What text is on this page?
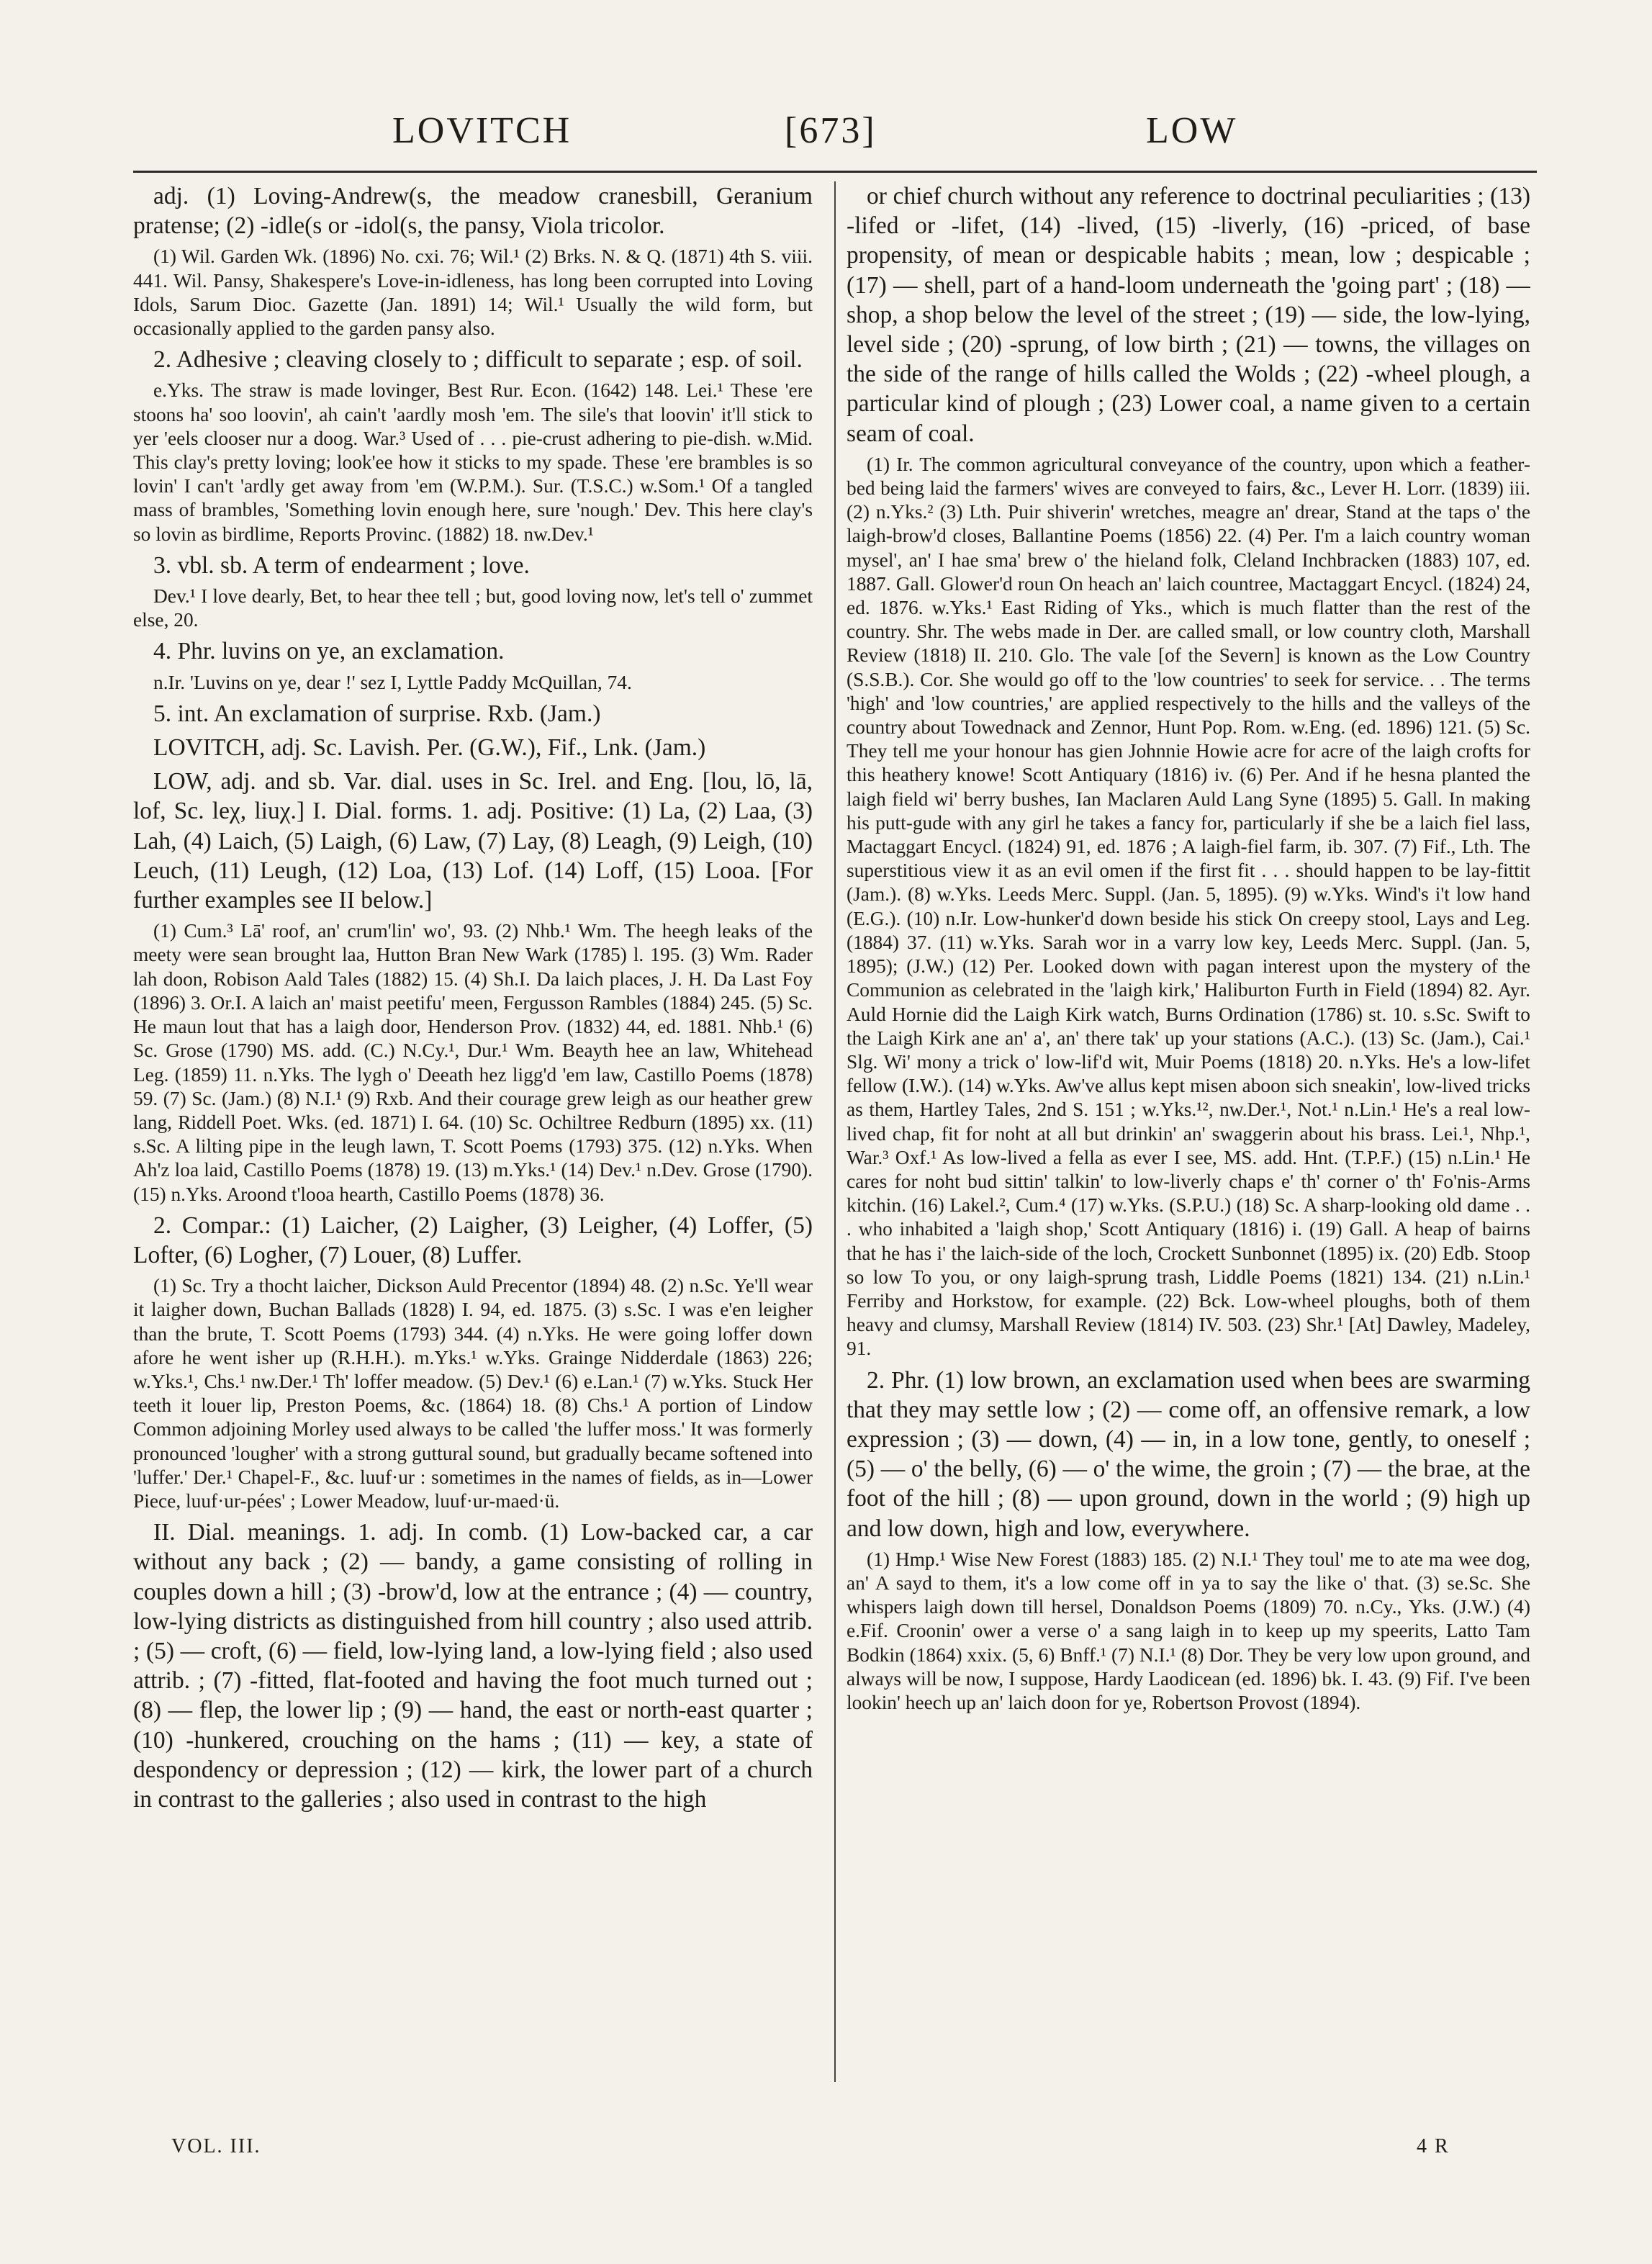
LOVITCH	[673]	LOW

adj. (1) Loving-Andrew(s, the meadow cranesbill, Geranium pratense; (2) -idle(s or -idol(s, the pansy, Viola tricolor.

(1) Wil. Garden Wk. (1896) No. cxi. 76; Wil.¹ (2) Brks. N. & Q. (1871) 4th S. viii. 441. Wil. Pansy, Shakespere's Love-in-idleness, has long been corrupted into Loving Idols, Sarum Dioc. Gazette (Jan. 1891) 14; Wil.¹ Usually the wild form, but occasionally applied to the garden pansy also.

2. Adhesive ; cleaving closely to ; difficult to separate ; esp. of soil.

e.Yks. The straw is made lovinger, Best Rur. Econ. (1642) 148. Lei.¹ These 'ere stoons ha' soo loovin', ah cain't 'aardly mosh 'em. The sile's that loovin' it'll stick to yer 'eels clooser nur a doog. War.³ Used of . . . pie-crust adhering to pie-dish. w.Mid. This clay's pretty loving; look'ee how it sticks to my spade. These 'ere brambles is so lovin' I can't 'ardly get away from 'em (W.P.M.). Sur. (T.S.C.) w.Som.¹ Of a tangled mass of brambles, 'Something lovin enough here, sure 'nough.' Dev. This here clay's so lovin as birdlime, Reports Provinc. (1882) 18. nw.Dev.¹

3. vbl. sb. A term of endearment ; love.

Dev.¹ I love dearly, Bet, to hear thee tell ; but, good loving now, let's tell o' zummet else, 20.

4. Phr. luvins on ye, an exclamation.

n.Ir. 'Luvins on ye, dear !' sez I, Lyttle Paddy McQuillan, 74.

5. int. An exclamation of surprise. Rxb. (Jam.)

LOVITCH, adj. Sc. Lavish. Per. (G.W.), Fif., Lnk. (Jam.)

LOW, adj. and sb. Var. dial. uses in Sc. Irel. and Eng. [lou, lō, lā, lof, Sc. leχ, liuχ.] I. Dial. forms. 1. adj. Positive: (1) La, (2) Laa, (3) Lah, (4) Laich, (5) Laigh, (6) Law, (7) Lay, (8) Leagh, (9) Leigh, (10) Leuch, (11) Leugh, (12) Loa, (13) Lof. (14) Loff, (15) Looa. [For further examples see II below.]

(1) Cum.³ Lā' roof, an' crum'lin' wo', 93. (2) Nhb.¹ Wm. The heegh leaks of the meety were sean brought laa, Hutton Bran New Wark (1785) l. 195. (3) Wm. Rader lah doon, Robison Aald Tales (1882) 15. (4) Sh.I. Da laich places, J. H. Da Last Foy (1896) 3. Or.I. A laich an' maist peetifu' meen, Fergusson Rambles (1884) 245. (5) Sc. He maun lout that has a laigh door, Henderson Prov. (1832) 44, ed. 1881. Nhb.¹ (6) Sc. Grose (1790) MS. add. (C.) N.Cy.¹, Dur.¹ Wm. Beayth hee an law, Whitehead Leg. (1859) 11. n.Yks. The lygh o' Deeath hez ligg'd 'em law, Castillo Poems (1878) 59. (7) Sc. (Jam.) (8) N.I.¹ (9) Rxb. And their courage grew leigh as our heather grew lang, Riddell Poet. Wks. (ed. 1871) I. 64. (10) Sc. Ochiltree Redburn (1895) xx. (11) s.Sc. A lilting pipe in the leugh lawn, T. Scott Poems (1793) 375. (12) n.Yks. When Ah'z loa laid, Castillo Poems (1878) 19. (13) m.Yks.¹ (14) Dev.¹ n.Dev. Grose (1790). (15) n.Yks. Aroond t'looa hearth, Castillo Poems (1878) 36.

2. Compar.: (1) Laicher, (2) Laigher, (3) Leigher, (4) Loffer, (5) Lofter, (6) Logher, (7) Louer, (8) Luffer.

(1) Sc. Try a thocht laicher, Dickson Auld Precentor (1894) 48. (2) n.Sc. Ye'll wear it laigher down, Buchan Ballads (1828) I. 94, ed. 1875. (3) s.Sc. I was e'en leigher than the brute, T. Scott Poems (1793) 344. (4) n.Yks. He were going loffer down afore he went isher up (R.H.H.). m.Yks.¹ w.Yks. Grainge Nidderdale (1863) 226; w.Yks.¹, Chs.¹ nw.Der.¹ Th' loffer meadow. (5) Dev.¹ (6) e.Lan.¹ (7) w.Yks. Stuck Her teeth it louer lip, Preston Poems, &c. (1864) 18. (8) Chs.¹ A portion of Lindow Common adjoining Morley used always to be called 'the luffer moss.' It was formerly pronounced 'lougher' with a strong guttural sound, but gradually became softened into 'luffer.' Der.¹ Chapel-F., &c. luuf·ur : sometimes in the names of fields, as in—Lower Piece, luuf·ur-pées' ; Lower Meadow, luuf·ur-maed·ü.

II. Dial. meanings. 1. adj. In comb. (1) Low-backed car, a car without any back ; (2) — bandy, a game consisting of rolling in couples down a hill ; (3) -brow'd, low at the entrance ; (4) — country, low-lying districts as distinguished from hill country ; also used attrib. ; (5) — croft, (6) — field, low-lying land, a low-lying field ; also used attrib. ; (7) -fitted, flat-footed and having the foot much turned out ; (8) — flep, the lower lip ; (9) — hand, the east or north-east quarter ; (10) -hunkered, crouching on the hams ; (11) — key, a state of despondency or depression ; (12) — kirk, the lower part of a church in contrast to the galleries ; also used in contrast to the high

or chief church without any reference to doctrinal peculiarities ; (13) -lifed or -lifet, (14) -lived, (15) -liverly, (16) -priced, of base propensity, of mean or despicable habits ; mean, low ; despicable ; (17) — shell, part of a hand-loom underneath the 'going part' ; (18) — shop, a shop below the level of the street ; (19) — side, the low-lying, level side ; (20) -sprung, of low birth ; (21) — towns, the villages on the side of the range of hills called the Wolds ; (22) -wheel plough, a particular kind of plough ; (23) Lower coal, a name given to a certain seam of coal.

(1) Ir. The common agricultural conveyance of the country, upon which a feather-bed being laid the farmers' wives are conveyed to fairs, &c., Lever H. Lorr. (1839) iii. (2) n.Yks.² (3) Lth. Puir shiverin' wretches, meagre an' drear, Stand at the taps o' the laigh-brow'd closes, Ballantine Poems (1856) 22. (4) Per. I'm a laich country woman mysel', an' I hae sma' brew o' the hieland folk, Cleland Inchbracken (1883) 107, ed. 1887. Gall. Glower'd roun On heach an' laich countree, Mactaggart Encycl. (1824) 24, ed. 1876. w.Yks.¹ East Riding of Yks., which is much flatter than the rest of the country. Shr. The webs made in Der. are called small, or low country cloth, Marshall Review (1818) II. 210. Glo. The vale [of the Severn] is known as the Low Country (S.S.B.). Cor. She would go off to the 'low countries' to seek for service. . . The terms 'high' and 'low countries,' are applied respectively to the hills and the valleys of the country about Towednack and Zennor, Hunt Pop. Rom. w.Eng. (ed. 1896) 121. (5) Sc. They tell me your honour has gien Johnnie Howie acre for acre of the laigh crofts for this heathery knowe! Scott Antiquary (1816) iv. (6) Per. And if he hesna planted the laigh field wi' berry bushes, Ian Maclaren Auld Lang Syne (1895) 5. Gall. In making his putt-gude with any girl he takes a fancy for, particularly if she be a laich fiel lass, Mactaggart Encycl. (1824) 91, ed. 1876 ; A laigh-fiel farm, ib. 307. (7) Fif., Lth. The superstitious view it as an evil omen if the first fit . . . should happen to be lay-fittit (Jam.). (8) w.Yks. Leeds Merc. Suppl. (Jan. 5, 1895). (9) w.Yks. Wind's i't low hand (E.G.). (10) n.Ir. Low-hunker'd down beside his stick On creepy stool, Lays and Leg. (1884) 37. (11) w.Yks. Sarah wor in a varry low key, Leeds Merc. Suppl. (Jan. 5, 1895); (J.W.) (12) Per. Looked down with pagan interest upon the mystery of the Communion as celebrated in the 'laigh kirk,' Haliburton Furth in Field (1894) 82. Ayr. Auld Hornie did the Laigh Kirk watch, Burns Ordination (1786) st. 10. s.Sc. Swift to the Laigh Kirk ane an' a', an' there tak' up your stations (A.C.). (13) Sc. (Jam.), Cai.¹ Slg. Wi' mony a trick o' low-lif'd wit, Muir Poems (1818) 20. n.Yks. He's a low-lifet fellow (I.W.). (14) w.Yks. Aw've allus kept misen aboon sich sneakin', low-lived tricks as them, Hartley Tales, 2nd S. 151 ; w.Yks.¹², nw.Der.¹, Not.¹ n.Lin.¹ He's a real low-lived chap, fit for noht at all but drinkin' an' swaggerin about his brass. Lei.¹, Nhp.¹, War.³ Oxf.¹ As low-lived a fella as ever I see, MS. add. Hnt. (T.P.F.) (15) n.Lin.¹ He cares for noht bud sittin' talkin' to low-liverly chaps e' th' corner o' th' Fo'nis-Arms kitchin. (16) Lakel.², Cum.⁴ (17) w.Yks. (S.P.U.) (18) Sc. A sharp-looking old dame . . . who inhabited a 'laigh shop,' Scott Antiquary (1816) i. (19) Gall. A heap of bairns that he has i' the laich-side of the loch, Crockett Sunbonnet (1895) ix. (20) Edb. Stoop so low To you, or ony laigh-sprung trash, Liddle Poems (1821) 134. (21) n.Lin.¹ Ferriby and Horkstow, for example. (22) Bck. Low-wheel ploughs, both of them heavy and clumsy, Marshall Review (1814) IV. 503. (23) Shr.¹ [At] Dawley, Madeley, 91.

2. Phr. (1) low brown, an exclamation used when bees are swarming that they may settle low ; (2) — come off, an offensive remark, a low expression ; (3) — down, (4) — in, in a low tone, gently, to oneself ; (5) — o' the belly, (6) — o' the wime, the groin ; (7) — the brae, at the foot of the hill ; (8) — upon ground, down in the world ; (9) high up and low down, high and low, everywhere.

(1) Hmp.¹ Wise New Forest (1883) 185. (2) N.I.¹ They toul' me to ate ma wee dog, an' A sayd to them, it's a low come off in ya to say the like o' that. (3) se.Sc. She whispers laigh down till hersel, Donaldson Poems (1809) 70. n.Cy., Yks. (J.W.) (4) e.Fif. Croonin' ower a verse o' a sang laigh in to keep up my speerits, Latto Tam Bodkin (1864) xxix. (5, 6) Bnff.¹ (7) N.I.¹ (8) Dor. They be very low upon ground, and always will be now, I suppose, Hardy Laodicean (ed. 1896) bk. I. 43. (9) Fif. I've been lookin' heech up an' laich doon for ye, Robertson Provost (1894).

VOL. III.	4 R
